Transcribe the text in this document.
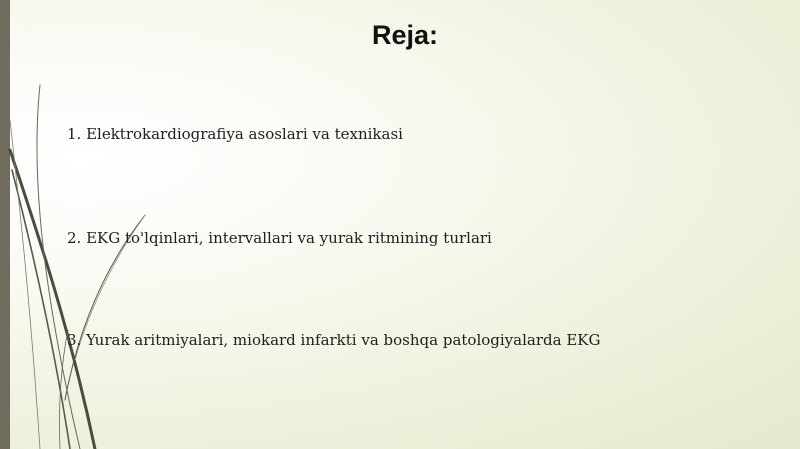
Reja:
1. Elektrokardiografiya asoslari va texnikasi
2. EKG to'lqinlari, intervallari va yurak ritmining turlari
3. Yurak aritmiyalari, miokard infarkti va boshqa patologiyalarda EKG
